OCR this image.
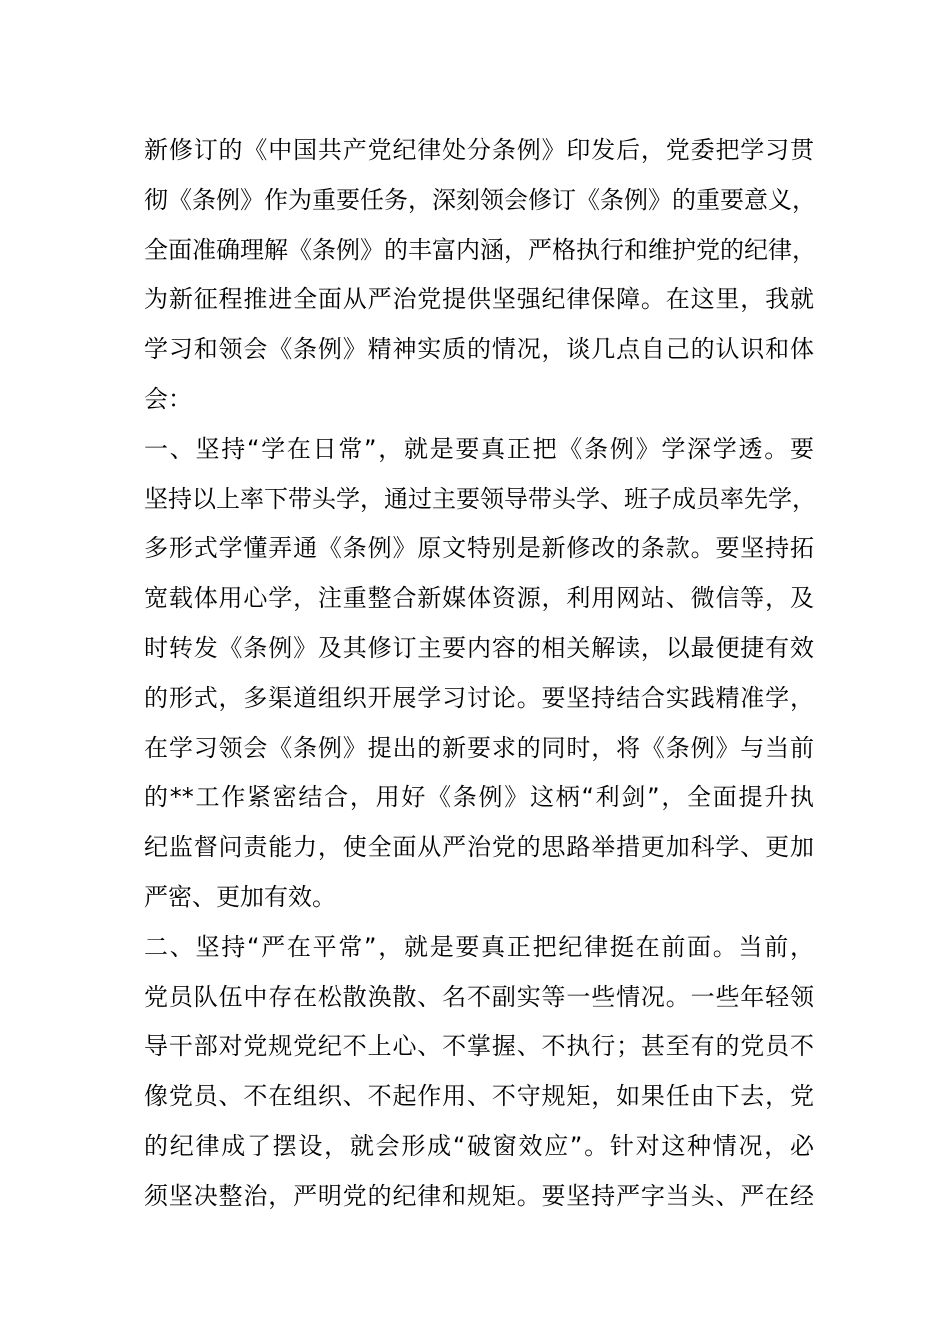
新修订的《中国共产党纪律处分条例》印发后，党委把学习贯
彻《条例》作为重要任务，深刻领会修订《条例》的重要意义，
全面准确理解《条例》的丰富内涵，严格执行和维护党的纪律，
为新征程推进全面从严治党提供坚强纪律保障。在这里，我就
学习和领会《条例》精神实质的情况，谈几点自己的认识和体
会：
一、坚持“学在日常”，就是要真正把《条例》学深学透。要
坚持以上率下带头学，通过主要领导带头学、班子成员率先学，
多形式学懂弄通《条例》原文特别是新修改的条款。要坚持拓
宽载体用心学，注重整合新媒体资源，利用网站、微信等，及
时转发《条例》及其修订主要内容的相关解读，以最便捷有效
的形式，多渠道组织开展学习讨论。要坚持结合实践精准学，
在学习领会《条例》提出的新要求的同时，将《条例》与当前
的**工作紧密结合，用好《条例》这柄“利剑”，全面提升执
纪监督问责能力，使全面从严治党的思路举措更加科学、更加
严密、更加有效。
二、坚持“严在平常”，就是要真正把纪律挺在前面。当前，
党员队伍中存在松散涣散、名不副实等一些情况。一些年轻领
导干部对党规党纪不上心、不掌握、不执行；甚至有的党员不
像党员、不在组织、不起作用、不守规矩，如果任由下去，党
的纪律成了摆设，就会形成“破窗效应”。针对这种情况，必
须坚决整治，严明党的纪律和规矩。要坚持严字当头、严在经
